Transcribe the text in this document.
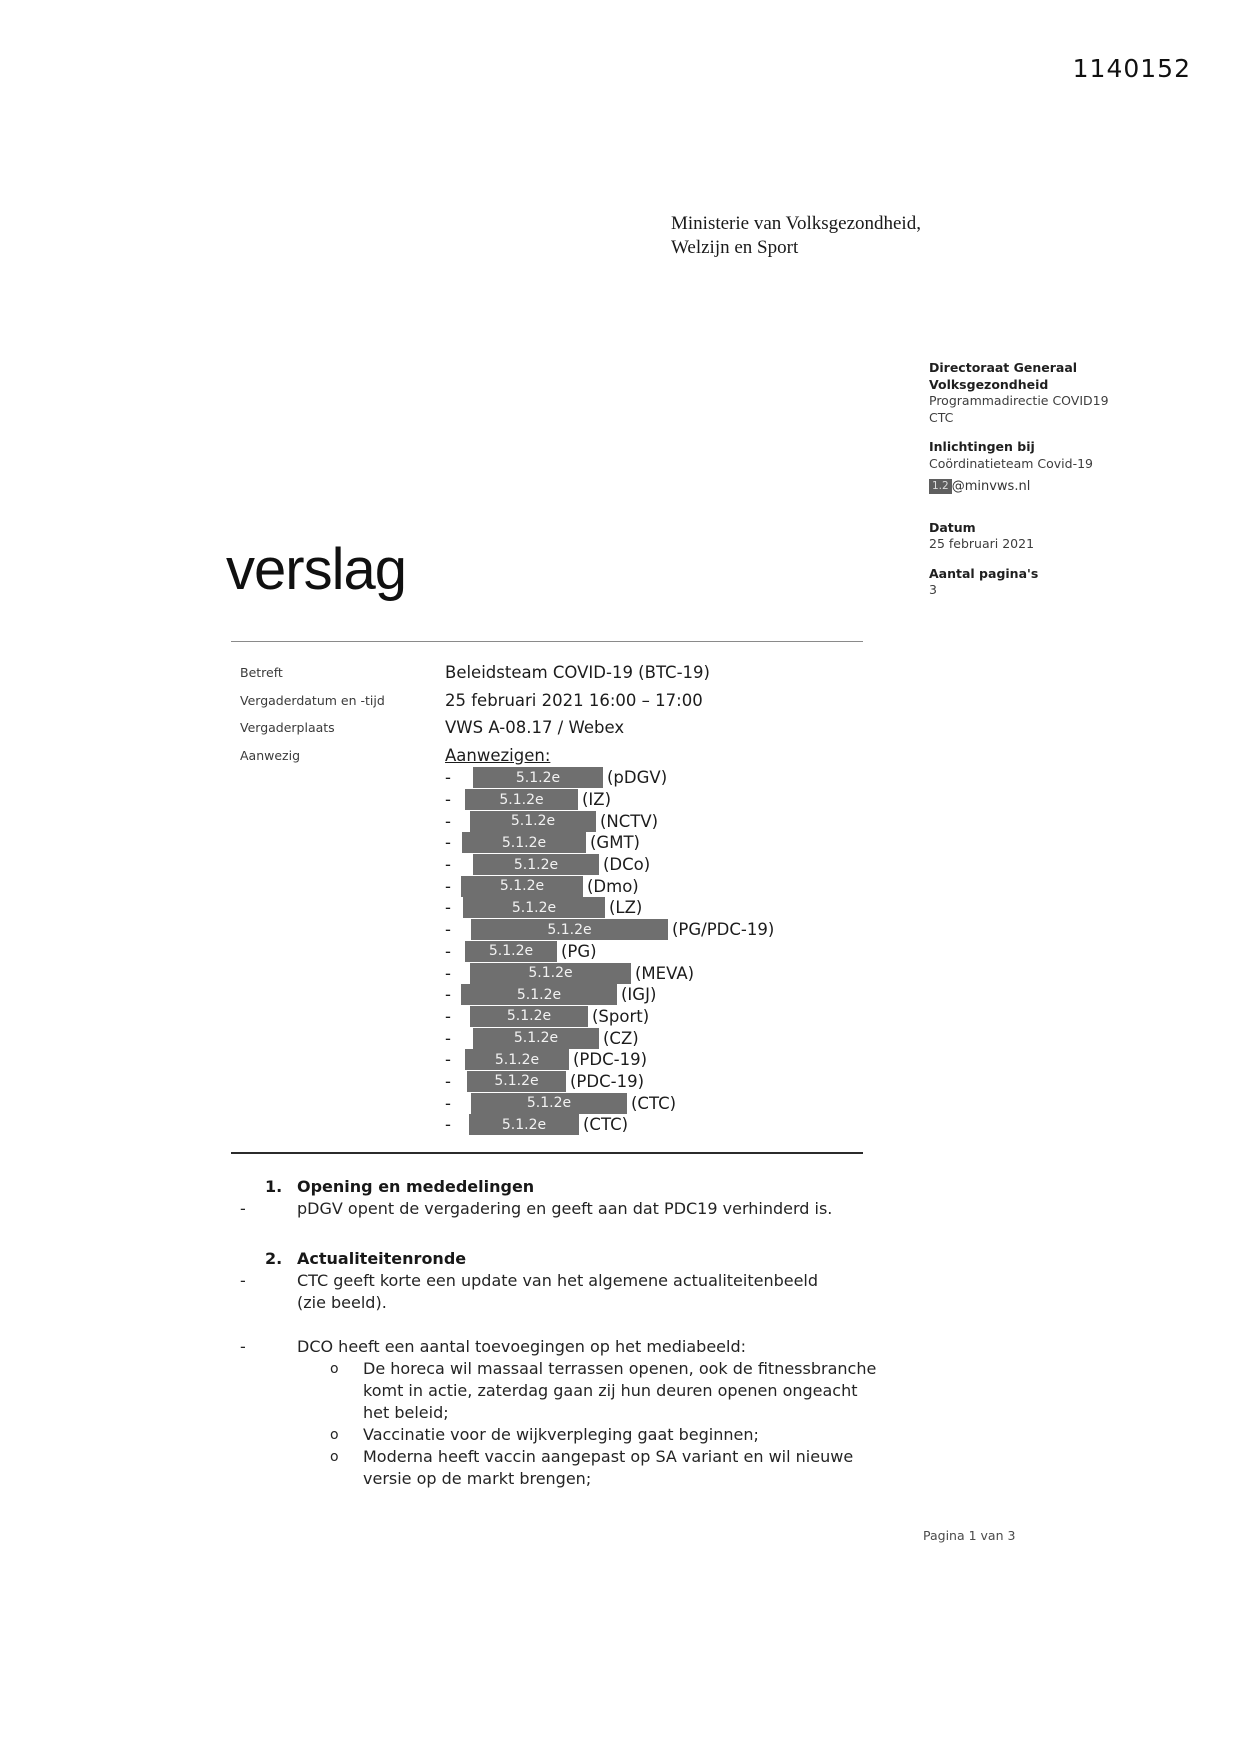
1140152
Ministerie van Volksgezondheid,
Welzijn en Sport
Directoraat Generaal
Volksgezondheid
Programmadirectie COVID19
CTC
Inlichtingen bij
Coördinatieteam Covid-19
1.2 @minvws.nl
Datum
25 februari 2021
Aantal pagina's
3
verslag
Betreft	Beleidsteam COVID-19 (BTC-19)
Vergaderdatum en -tijd	25 februari 2021 16:00 – 17:00
Vergaderplaats	VWS A-08.17 / Webex
Aanwezig	Aanwezigen:
-	5.1.2e	(pDGV)
-	5.1.2e	(IZ)
-	5.1.2e	(NCTV)
-	5.1.2e	(GMT)
-	5.1.2e	(DCo)
-	5.1.2e	(Dmo)
-	5.1.2e	(LZ)
-	5.1.2e	(PG/PDC-19)
-	5.1.2e	(PG)
-	5.1.2e	(MEVA)
-	5.1.2e	(IGJ)
-	5.1.2e	(Sport)
-	5.1.2e	(CZ)
-	5.1.2e	(PDC-19)
-	5.1.2e	(PDC-19)
-	5.1.2e	(CTC)
-	5.1.2e	(CTC)
1. Opening en mededelingen
-	pDGV opent de vergadering en geeft aan dat PDC19 verhinderd is.
2. Actualiteitenronde
-	CTC geeft korte een update van het algemene actualiteitenbeeld (zie beeld).
-	DCO heeft een aantal toevoegingen op het mediabeeld:
o	De horeca wil massaal terrassen openen, ook de fitnessbranche komt in actie, zaterdag gaan zij hun deuren openen ongeacht het beleid;
o	Vaccinatie voor de wijkverpleging gaat beginnen;
o	Moderna heeft vaccin aangepast op SA variant en wil nieuwe versie op de markt brengen;
Pagina 1 van 3
